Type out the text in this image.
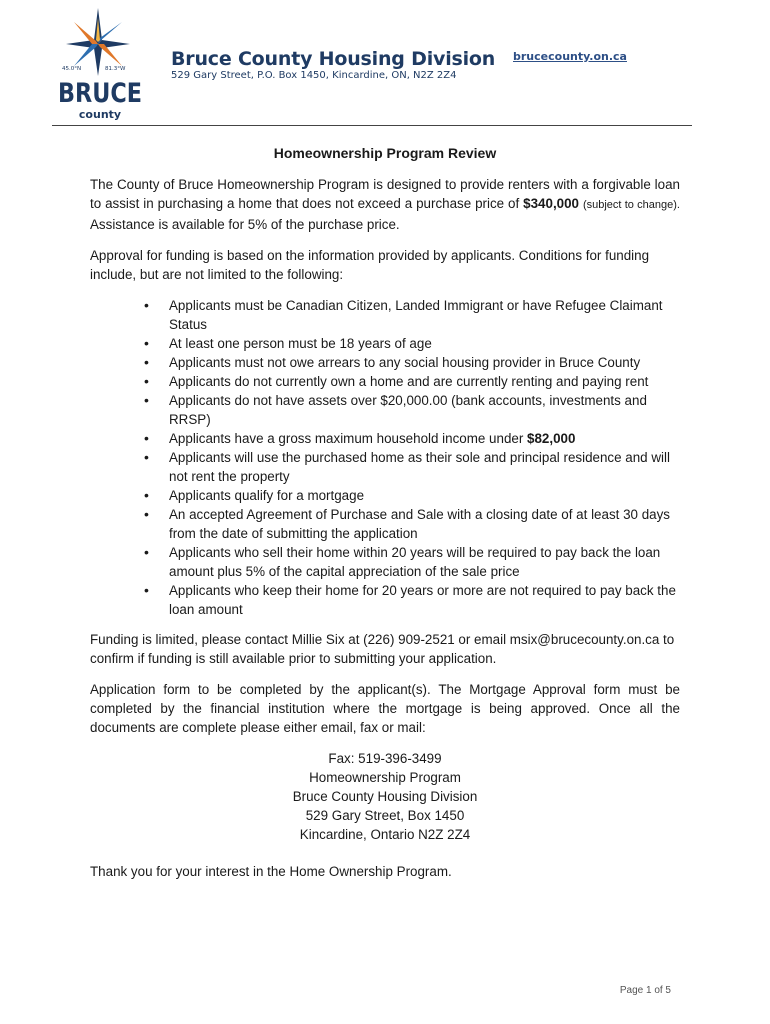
45.0°N	81.3°W
BRUCE
county
Bruce County Housing Division
529 Gary Street, P.O. Box 1450, Kincardine, ON, N2Z 2Z4
brucecounty.on.ca
Homeownership Program Review

The County of Bruce Homeownership Program is designed to provide renters with a forgivable loan to assist in purchasing a home that does not exceed a purchase price of $340,000 (subject to change). Assistance is available for 5% of the purchase price.

Approval for funding is based on the information provided by applicants. Conditions for funding include, but are not limited to the following:

• Applicants must be Canadian Citizen, Landed Immigrant or have Refugee Claimant Status
• At least one person must be 18 years of age
• Applicants must not owe arrears to any social housing provider in Bruce County
• Applicants do not currently own a home and are currently renting and paying rent
• Applicants do not have assets over $20,000.00 (bank accounts, investments and RRSP)
• Applicants have a gross maximum household income under $82,000
• Applicants will use the purchased home as their sole and principal residence and will not rent the property
• Applicants qualify for a mortgage
• An accepted Agreement of Purchase and Sale with a closing date of at least 30 days from the date of submitting the application
• Applicants who sell their home within 20 years will be required to pay back the loan amount plus 5% of the capital appreciation of the sale price
• Applicants who keep their home for 20 years or more are not required to pay back the loan amount

Funding is limited, please contact Millie Six at (226) 909-2521 or email msix@brucecounty.on.ca to confirm if funding is still available prior to submitting your application.

Application form to be completed by the applicant(s). The Mortgage Approval form must be completed by the financial institution where the mortgage is being approved. Once all the documents are complete please either email, fax or mail:

Fax: 519-396-3499
Homeownership Program
Bruce County Housing Division
529 Gary Street, Box 1450
Kincardine, Ontario N2Z 2Z4

Thank you for your interest in the Home Ownership Program.

Page 1 of 5
